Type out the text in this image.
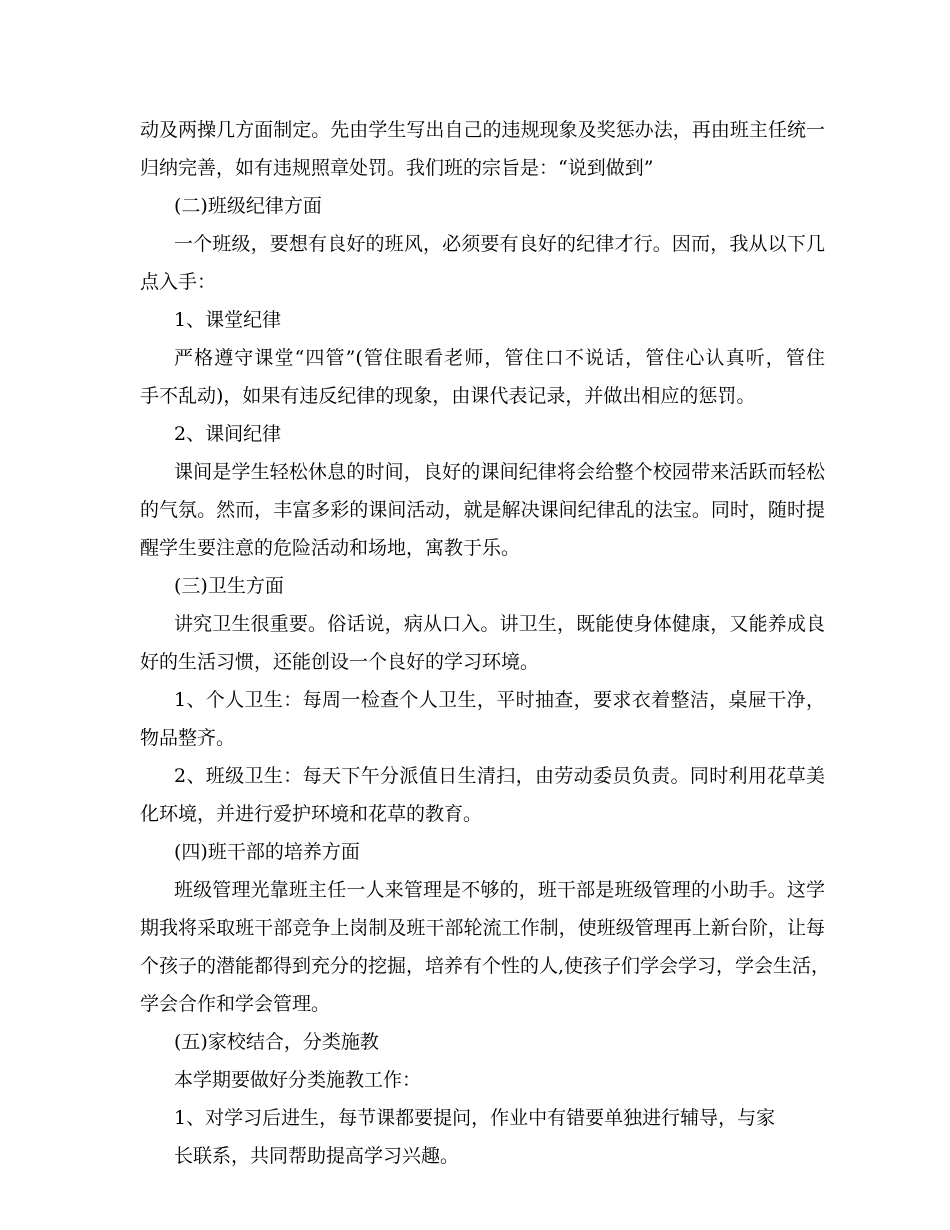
动及两操几方面制定。先由学生写出自己的违规现象及奖惩办法，再由班主任统一
归纳完善，如有违规照章处罚。我们班的宗旨是：“说到做到”
(二)班级纪律方面
一个班级，要想有良好的班风，必须要有良好的纪律才行。因而，我从以下几
点入手：
1、课堂纪律
严格遵守课堂“四管”(管住眼看老师，管住口不说话，管住心认真听，管住
手不乱动)，如果有违反纪律的现象，由课代表记录，并做出相应的惩罚。
2、课间纪律
课间是学生轻松休息的时间，良好的课间纪律将会给整个校园带来活跃而轻松
的气氛。然而，丰富多彩的课间活动，就是解决课间纪律乱的法宝。同时，随时提
醒学生要注意的危险活动和场地，寓教于乐。
(三)卫生方面
讲究卫生很重要。俗话说，病从口入。讲卫生，既能使身体健康，又能养成良
好的生活习惯，还能创设一个良好的学习环境。
1、个人卫生：每周一检查个人卫生，平时抽查，要求衣着整洁，桌屉干净，
物品整齐。
2、班级卫生：每天下午分派值日生清扫，由劳动委员负责。同时利用花草美
化环境，并进行爱护环境和花草的教育。
(四)班干部的培养方面
班级管理光靠班主任一人来管理是不够的，班干部是班级管理的小助手。这学
期我将采取班干部竞争上岗制及班干部轮流工作制，使班级管理再上新台阶，让每
个孩子的潜能都得到充分的挖掘，培养有个性的人,使孩子们学会学习，学会生活，
学会合作和学会管理。
(五)家校结合，分类施教
本学期要做好分类施教工作：
1、对学习后进生，每节课都要提问，作业中有错要单独进行辅导，与家
长联系，共同帮助提高学习兴趣。
